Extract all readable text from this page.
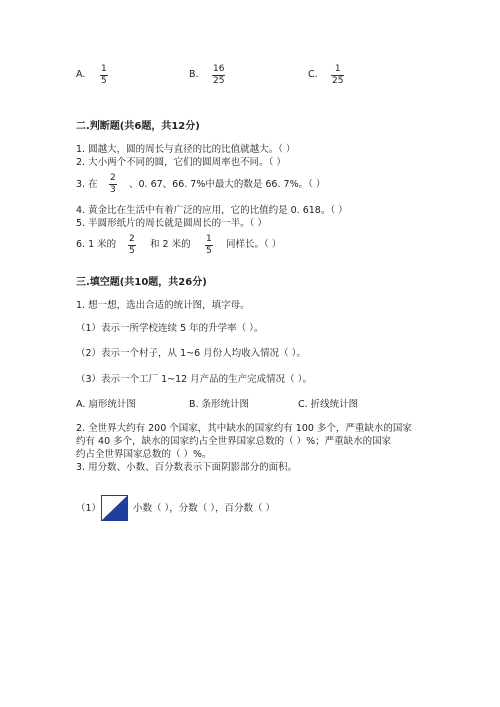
A. $\frac{1}{5}$	B. $\frac{16}{25}$	C. $\frac{1}{25}$
二.判断题(共6题，共12分)
1. 圆越大，圆的周长与直径的比的比值就越大。（ ）
2. 大小两个不同的圆，它们的圆周率也不同。（ ）
3. 在 $\frac{2}{3}$ 、0. 67、66. 7%中最大的数是 66. 7%。（ ）
4. 黄金比在生活中有着广泛的应用，它的比值约是 0. 618。（ ）
5. 半圆形纸片的周长就是圆周长的一半。（ ）
6. 1 米的 $\frac{2}{5}$ 和 2 米的 $\frac{1}{5}$ 同样长。（ ）
三.填空题(共10题，共26分)
1. 想一想，选出合适的统计图，填字母。
（1）表示一所学校连续 5 年的升学率（ ）。
（2）表示一个村子，从 1~6 月份人均收入情况（ ）。
（3）表示一个工厂 1~12 月产品的生产完成情况（ ）。
A. 扇形统计图	B. 条形统计图	C. 折线统计图
2. 全世界大约有 200 个国家，其中缺水的国家约有 100 多个，严重缺水的国家
约有 40 多个，缺水的国家约占全世界国家总数的（ ）%；严重缺水的国家
约占全世界国家总数的（ ）%。
3. 用分数、小数、百分数表示下面阴影部分的面积。
（1）	小数（ ），分数（ ），百分数（ ）
